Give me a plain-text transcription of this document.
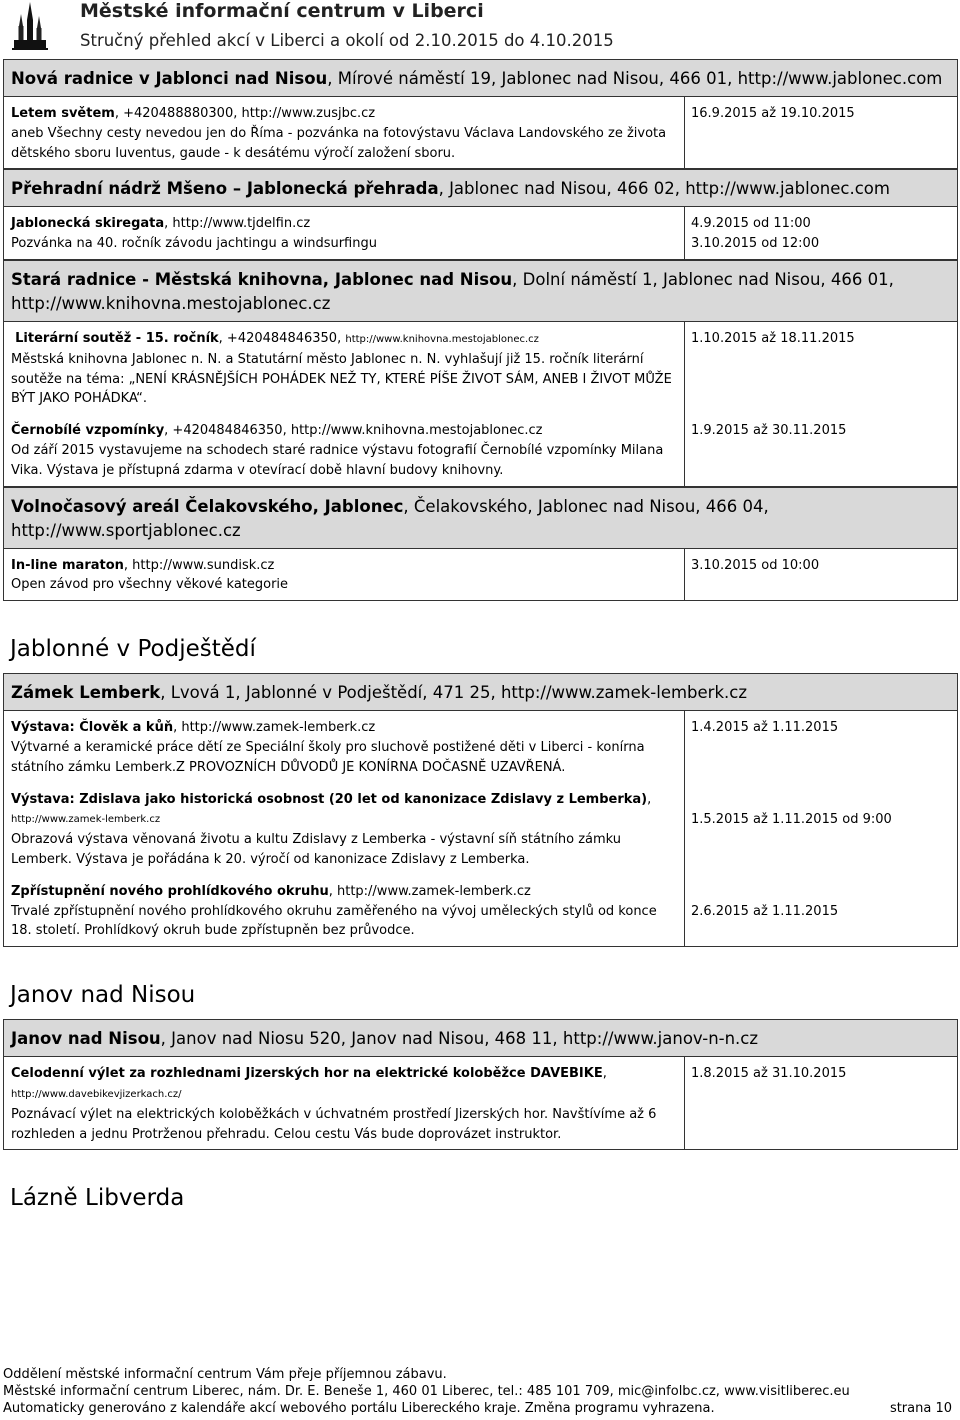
Městské informační centrum v Liberci
Stručný přehled akcí v Liberci a okolí od 2.10.2015 do 4.10.2015
Nová radnice v Jablonci nad Nisou, Mírové náměstí 19, Jablonec nad Nisou, 466 01, http://www.jablonec.com
Letem světem, +420488880300, http://www.zusjbc.cz
aneb Všechny cesty nevedou jen do Říma - pozvánka na fotovýstavu Václava Landovského ze života dětského sboru Iuventus, gaude - k desátému výročí založení sboru.
16.9.2015 až 19.10.2015
Přehradní nádrž Mšeno – Jablonecká přehrada, Jablonec nad Nisou, 466 02, http://www.jablonec.com
Jablonecká skiregata, http://www.tjdelfin.cz
Pozvánka na 40. ročník závodu jachtingu a windsurfingu
4.9.2015 od 11:00
3.10.2015 od 12:00
Stará radnice - Městská knihovna, Jablonec nad Nisou, Dolní náměstí 1, Jablonec nad Nisou, 466 01, http://www.knihovna.mestojablonec.cz
Literární soutěž - 15. ročník, +420484846350, http://www.knihovna.mestojablonec.cz
Městská knihovna Jablonec n. N. a Statutární město Jablonec n. N. vyhlašují již 15. ročník literární soutěže na téma: „NENÍ KRÁSNĚJŠÍCH POHÁDEK NEŽ TY, KTERÉ PÍŠE ŽIVOT SÁM, ANEB I ŽIVOT MŮŽE BÝT JAKO POHÁDKA“.
Černobílé vzpomínky, +420484846350, http://www.knihovna.mestojablonec.cz
Od září 2015 vystavujeme na schodech staré radnice výstavu fotografií Černobílé vzpomínky Milana Vika. Výstava je přístupná zdarma v otevírací době hlavní budovy knihovny.
1.10.2015 až 18.11.2015
1.9.2015 až 30.11.2015
Volnočasový areál Čelakovského, Jablonec, Čelakovského, Jablonec nad Nisou, 466 04, http://www.sportjablonec.cz
In-line maraton, http://www.sundisk.cz
Open závod pro všechny věkové kategorie
3.10.2015 od 10:00
Jablonné v Podještědí
Zámek Lemberk, Lvová 1, Jablonné v Podještědí, 471 25, http://www.zamek-lemberk.cz
Výstava: Člověk a kůň, http://www.zamek-lemberk.cz
Výtvarné a keramické práce dětí ze Speciální školy pro sluchově postižené děti v Liberci - konírna státního zámku Lemberk.Z PROVOZNÍCH DŮVODŮ JE KONÍRNA DOČASNĚ UZAVŘENÁ.
Výstava: Zdislava jako historická osobnost (20 let od kanonizace Zdislavy z Lemberka), http://www.zamek-lemberk.cz
Obrazová výstava věnovaná životu a kultu Zdislavy z Lemberka - výstavní síň státního zámku Lemberk. Výstava je pořádána k 20. výročí od kanonizace Zdislavy z Lemberka.
Zpřístupnění nového prohlídkového okruhu, http://www.zamek-lemberk.cz
Trvalé zpřístupnění nového prohlídkového okruhu zaměřeného na vývoj uměleckých stylů od konce 18. století. Prohlídkový okruh bude zpřístupněn bez průvodce.
1.4.2015 až 1.11.2015
1.5.2015 až 1.11.2015 od 9:00
2.6.2015 až 1.11.2015
Janov nad Nisou
Janov nad Nisou, Janov nad Niosu 520, Janov nad Nisou, 468 11, http://www.janov-n-n.cz
Celodenní výlet za rozhlednami Jizerských hor na elektrické koloběžce DAVEBIKE,
http://www.davebikevjizerkach.cz/
Poznávací výlet na elektrických koloběžkách v úchvatném prostředí Jizerských hor. Navštívíme až 6 rozhleden a jednu Protrženou přehradu. Celou cestu Vás bude doprovázet instruktor.
1.8.2015 až 31.10.2015
Lázně Libverda
Oddělení městské informační centrum Vám přeje příjemnou zábavu.
Městské informační centrum Liberec, nám. Dr. E. Beneše 1, 460 01 Liberec, tel.: 485 101 709, mic@infolbc.cz, www.visitliberec.eu
Automaticky generováno z kalendáře akcí webového portálu Libereckého kraje. Změna programu vyhrazena.	strana 10
